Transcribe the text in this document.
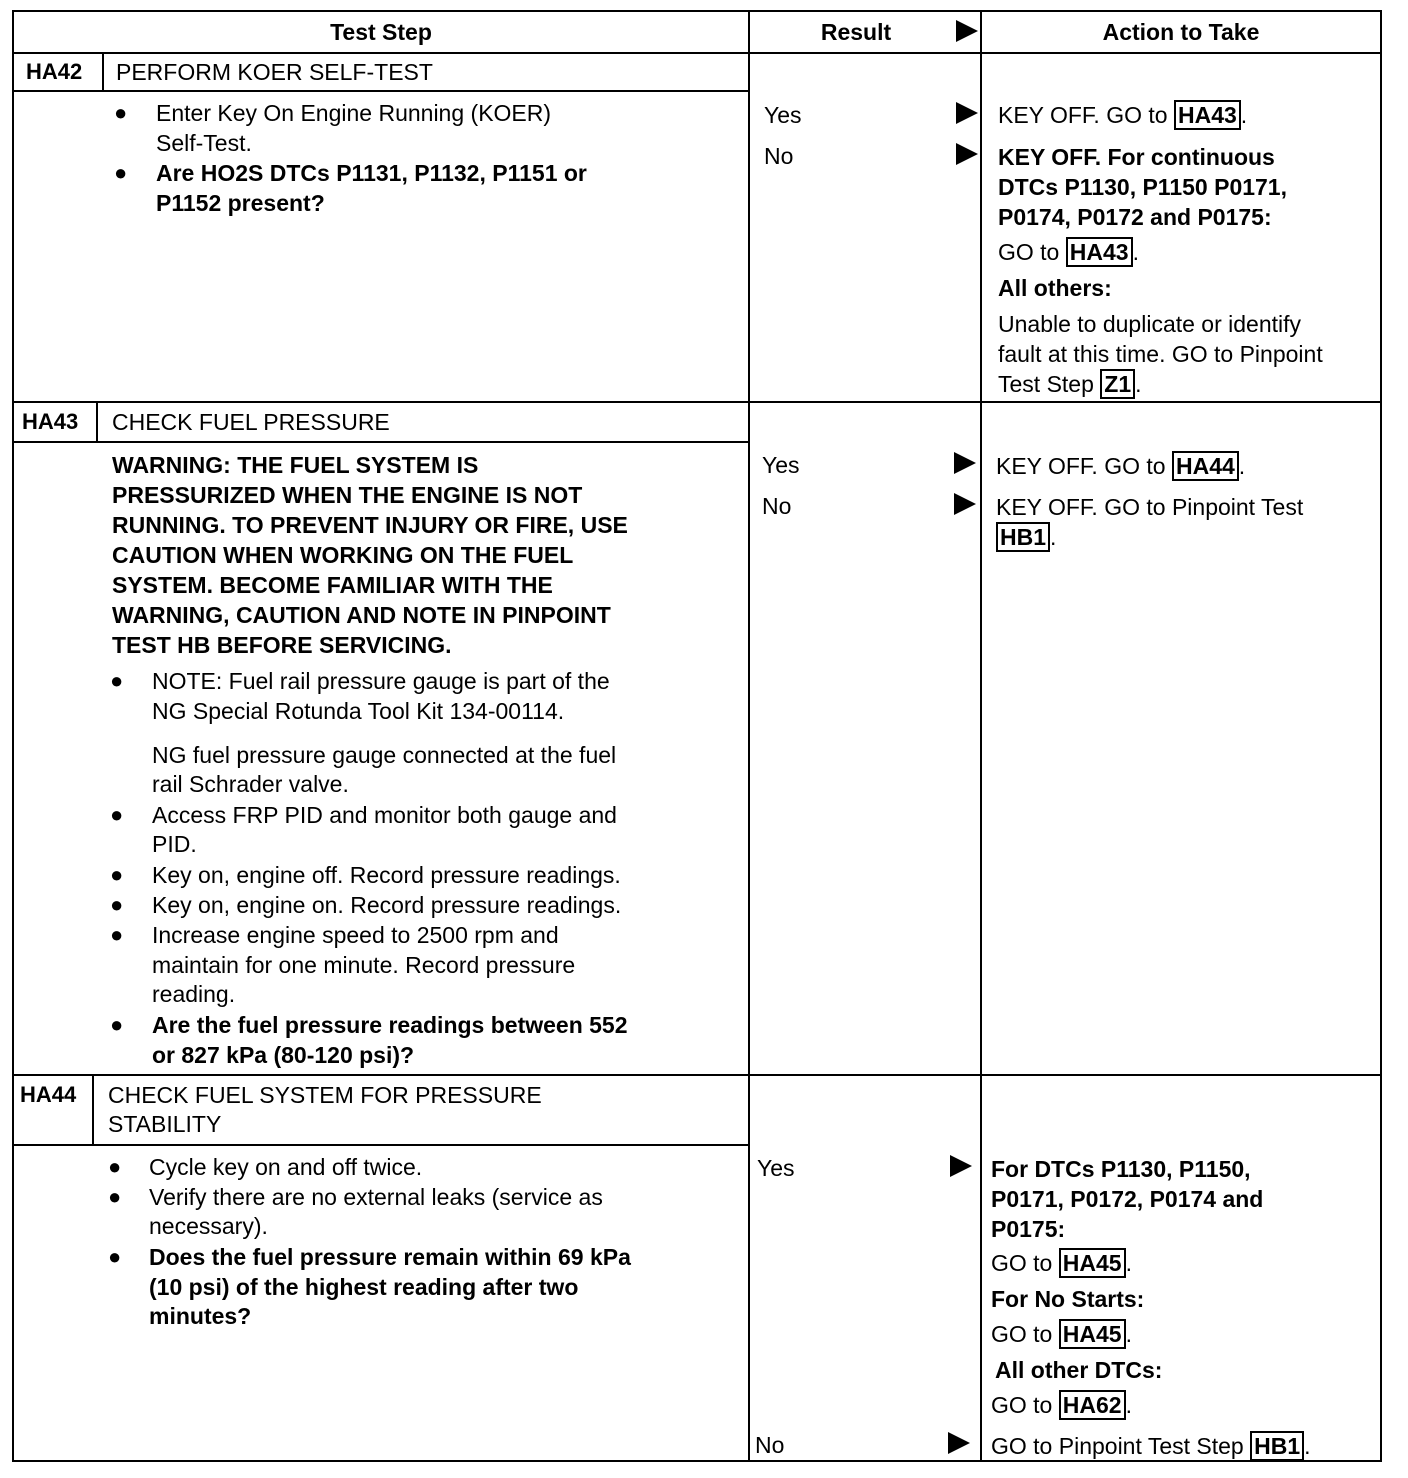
Test Step	Result	Action to Take
HA42 PERFORM KOER SELF-TEST
● Enter Key On Engine Running (KOER)
Self-Test.
● Are HO2S DTCs P1131, P1132, P1151 or
P1152 present?
Yes
No
KEY OFF. GO to HA43 .
KEY OFF. For continuous
DTCs P1130, P1150 P0171,
P0174, P0172 and P0175:
GO to HA43 .
All others:
Unable to duplicate or identify
fault at this time. GO to Pinpoint
Test Step Z1 .
HA43 CHECK FUEL PRESSURE
WARNING: THE FUEL SYSTEM IS
PRESSURIZED WHEN THE ENGINE IS NOT
RUNNING. TO PREVENT INJURY OR FIRE, USE
CAUTION WHEN WORKING ON THE FUEL
SYSTEM. BECOME FAMILIAR WITH THE
WARNING, CAUTION AND NOTE IN PINPOINT
TEST HB BEFORE SERVICING.
● NOTE: Fuel rail pressure gauge is part of the
NG Special Rotunda Tool Kit 134-00114.
NG fuel pressure gauge connected at the fuel
rail Schrader valve.
● Access FRP PID and monitor both gauge and
PID.
● Key on, engine off. Record pressure readings.
● Key on, engine on. Record pressure readings.
● Increase engine speed to 2500 rpm and
maintain for one minute. Record pressure
reading.
● Are the fuel pressure readings between 552
or 827 kPa (80-120 psi)?
Yes
No
KEY OFF. GO to HA44 .
KEY OFF. GO to Pinpoint Test
HB1 .
HA44 CHECK FUEL SYSTEM FOR PRESSURE
STABILITY
● Cycle key on and off twice.
● Verify there are no external leaks (service as
necessary).
● Does the fuel pressure remain within 69 kPa
(10 psi) of the highest reading after two
minutes?
Yes
No
For DTCs P1130, P1150,
P0171, P0172, P0174 and
P0175:
GO to HA45 .
For No Starts:
GO to HA45 .
All other DTCs:
GO to HA62 .
GO to Pinpoint Test Step HB1 .
